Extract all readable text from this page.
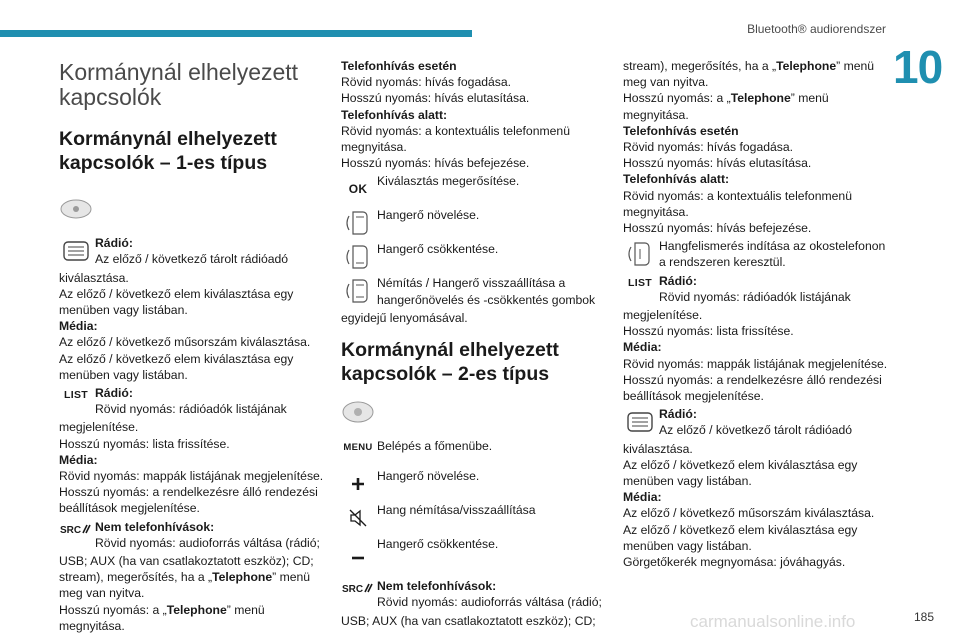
Bluetooth® audiorendszer
10
Kormánynál elhelyezett kapcsolók
Kormánynál elhelyezett kapcsolók – 1-es típus
Rádió:
Az előző / következő tárolt rádióadó

kiválasztása.

Az előző / következő elem kiválasztása egy menüben vagy listában.

Média:

Az előző / következő műsorszám kiválasztása.

Az előző / következő elem kiválasztása egy menüben vagy listában.

LIST Rádió:
Rövid nyomás: rádióadók listájának

megjelenítése.

Hosszú nyomás: lista frissítése.

Média:

Rövid nyomás: mappák listájának megjelenítése.

Hosszú nyomás: a rendelkezésre álló rendezési beállítások megjelenítése.

SRC Nem telefonhívások:
Rövid nyomás: audioforrás váltása (rádió;

USB; AUX (ha van csatlakoztatott eszköz); CD; stream), megerősítés, ha a „Telephone” menü meg van nyitva.

Hosszú nyomás: a „Telephone” menü megnyitása.

Telefonhívás esetén

Rövid nyomás: hívás fogadása.

Hosszú nyomás: hívás elutasítása.

Telefonhívás alatt:

Rövid nyomás: a kontextuális telefonmenü megnyitása.

Hosszú nyomás: hívás befejezése.

OK
Kiválasztás megerősítése.
Hangerő növelése.
Hangerő csökkentése.
Némítás / Hangerő visszaállítása a
hangerőnövelés és -csökkentés gombok

egyidejű lenyomásával.

Kormánynál elhelyezett kapcsolók – 2-es típus
MENU Belépés a főmenübe.
Hangerő növelése.
Hang némítása/visszaállítása
Hangerő csökkentése.
SRC Nem telefonhívások:
Rövid nyomás: audioforrás váltása (rádió;

USB; AUX (ha van csatlakoztatott eszköz); CD;

stream), megerősítés, ha a „Telephone” menü

meg van nyitva.

Hosszú nyomás: a „Telephone” menü

megnyitása.

Telefonhívás esetén

Rövid nyomás: hívás fogadása.

Hosszú nyomás: hívás elutasítása.

Telefonhívás alatt:

Rövid nyomás: a kontextuális telefonmenü megnyitása.

Hosszú nyomás: hívás befejezése.

Hangfelismerés indítása az okostelefonon
a rendszeren keresztül.
LIST Rádió:
Rövid nyomás: rádióadók listájának

megjelenítése.

Hosszú nyomás: lista frissítése.

Média:

Rövid nyomás: mappák listájának megjelenítése.

Hosszú nyomás: a rendelkezésre álló rendezési beállítások megjelenítése.

Rádió:
Az előző / következő tárolt rádióadó

kiválasztása.

Az előző / következő elem kiválasztása egy menüben vagy listában.

Média:

Az előző / következő műsorszám kiválasztása.

Az előző / következő elem kiválasztása egy menüben vagy listában.

Görgetőkerék megnyomása: jóváhagyás.

carmanualsonline.info	185
